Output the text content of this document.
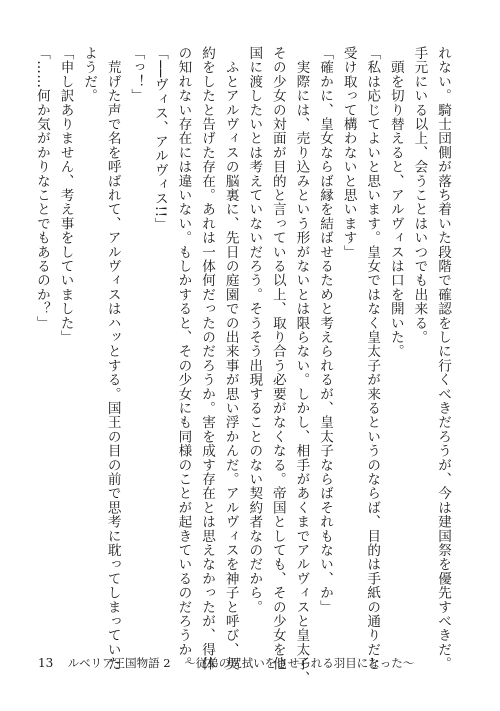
れない。騎士団側が落ち着いた段階で確認をしに行くべきだろうが、今は建国祭を優先すべきだ。
手元にいる以上、会うことはいつでも出来る。
　頭を切り替えると、アルヴィスは口を開いた。
「私は応じてよいと思います。皇女ではなく皇太子が来るというのならば、目的は手紙の通りだと
受け取って構わないと思います」
「確かに、皇女ならば縁を結ばせるためと考えられるが、皇太子ならばそれもない、か」
　実際には、売り込みという形がないとは限らない。しかし、相手があくまでアルヴィスと皇太子、
その少女の対面が目的と言っている以上、取り合う必要がなくなる。帝国としても、その少女を他
国に渡したいとは考えていないだろう。そうそう出現することのない契約者なのだから。
　ふとアルヴィスの脳裏に、先日の庭園での出来事が思い浮かんだ。アルヴィスを神子と呼び、契
約をしたと告げた存在。あれは一体何だったのだろうか。害を成す存在とは思えなかったが、得体
の知れない存在には違いない。もしかすると、その少女にも同様のことが起きているのだろうか。
「──ヴィス、アルヴィス!!」
「っ！」
　荒げた声で名を呼ばれて、アルヴィスはハッとする。国王の目の前で思考に耽ってしまっていた
ようだ。
「申し訳ありません、考え事をしていました」
「……何か気がかりなことでもあるのか？」
13 ルベリア王国物語 2 〜従弟の尻拭いをさせられる羽目になった〜
